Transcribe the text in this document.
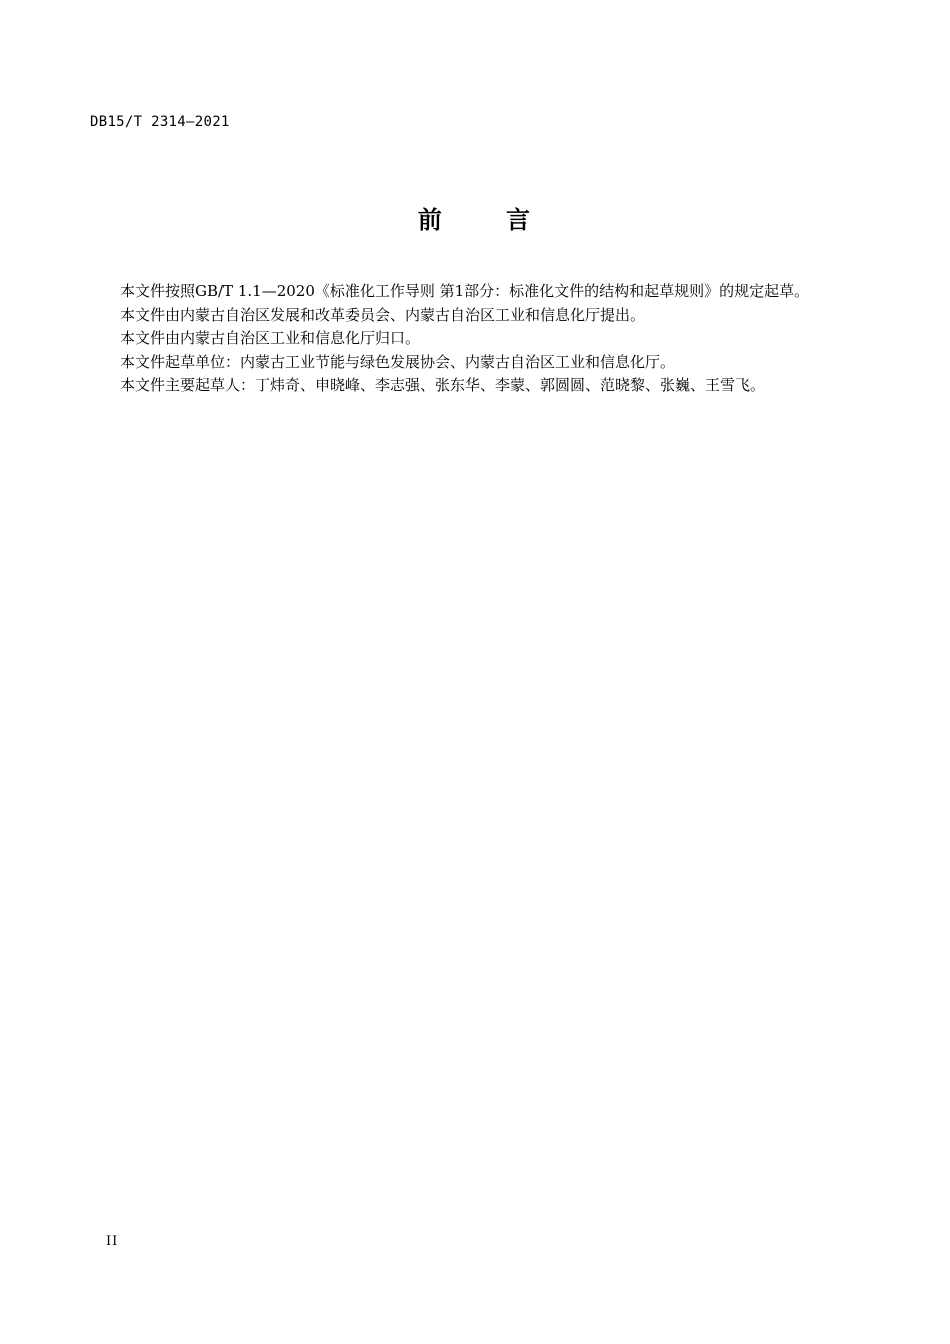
DB15/T 2314—2021
前      言

本文件按照GB/T 1.1—2020《标准化工作导则 第1部分：标准化文件的结构和起草规则》的规定起草。

本文件由内蒙古自治区发展和改革委员会、内蒙古自治区工业和信息化厅提出。

本文件由内蒙古自治区工业和信息化厅归口。

本文件起草单位：内蒙古工业节能与绿色发展协会、内蒙古自治区工业和信息化厅。

本文件主要起草人：丁炜奇、申晓峰、李志强、张东华、李蒙、郭圆圆、范晓黎、张巍、王雪飞。

II
